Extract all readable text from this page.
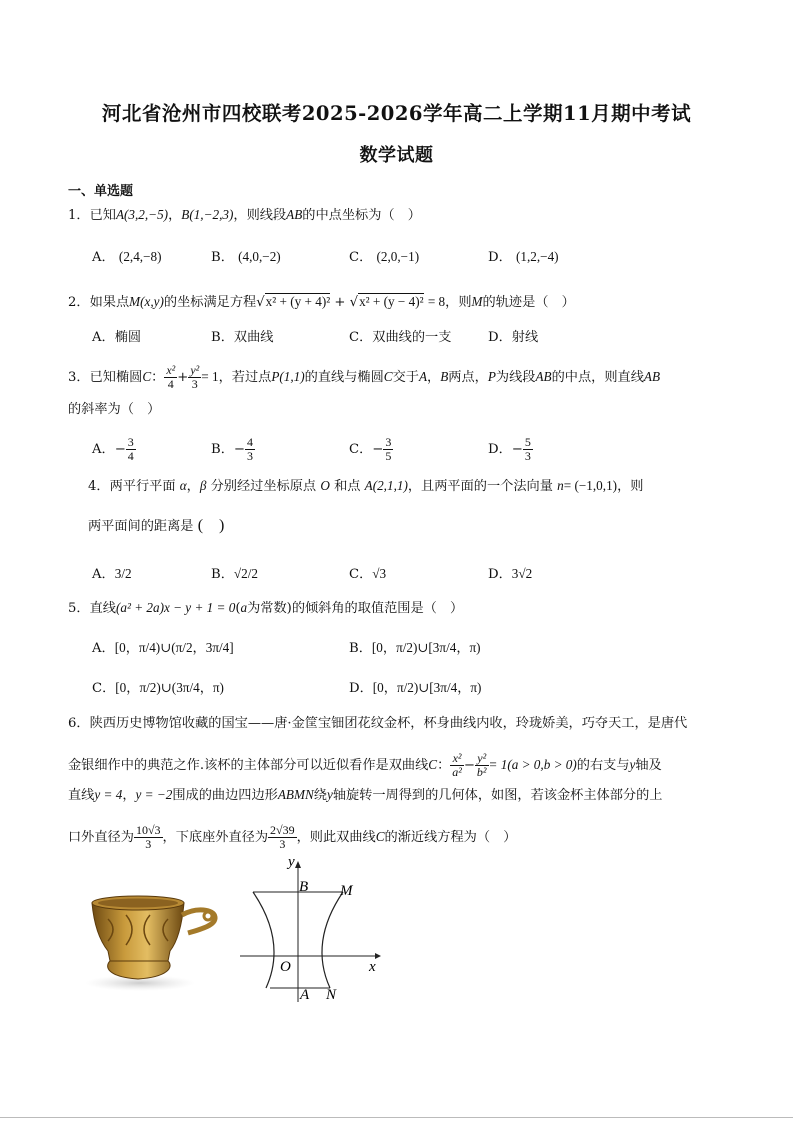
河北省沧州市四校联考2025-2026学年高二上学期11月期中考试
数学试题
一、单选题
1．已知A(3,2,−5)，B(1,−2,3)，则线段AB的中点坐标为（　）
A． (2,4,−8)	B． (4,0,−2)	C． (2,0,−1)	D． (1,2,−4)
2．如果点M(x,y)的坐标满足方程√x² + (y + 4)² + √x² + (y − 4)² = 8，则M的轨迹是（　）
A．椭圆	B．双曲线	C．双曲线的一支	D．射线
3．已知椭圆C： $\frac{\text{x²}}{4} + \frac{\text{y²}}{3} = 1$，若过点P(1,1)的直线与椭圆C交于A，B两点，P为线段AB的中点，则直线AB
的斜率为（　）
A．− $\frac{3}{4}$	B．− $\frac{4}{3}$	C．− $\frac{3}{5}$	D．− $\frac{5}{3}$
4．两平行平面 α，β 分别经过坐标原点 O 和点 A(2,1,1)，且两平面的一个法向量 n= (−1,0,1)，则
两平面间的距离是 (　)
A．3/2	B．√2/2	C．√3	D．3√2
5．直线(a² + 2a)x − y + 1 = 0(a为常数)的倾斜角的取值范围是（　）
A．[0，π/4)∪(π/2，3π/4]	B．[0，π/2)∪[3π/4，π)
C．[0，π/2)∪(3π/4，π)	D．[0，π/2)∪[3π/4，π)
6．陕西历史博物馆收藏的国宝——唐·金筐宝钿团花纹金杯，杯身曲线内收，玲珑娇美，巧夺天工，是唐代
金银细作中的典范之作.该杯的主体部分可以近似看作是双曲线C： $\frac{\text{x²}}{\text{a²}} - \frac{\text{y²}}{\text{b²}} = 1(a > 0,b > 0)$的右支与y轴及
直线y = 4，y = −2围成的曲边四边形ABMN绕y轴旋转一周得到的几何体，如图，若该金杯主体部分的上
口外直径为 $\frac{10√3}{3}$ ，下底座外直径为 $\frac{2√39}{3}$ ，则此双曲线C的渐近线方程为（　）
y
x
O
B M
A N
